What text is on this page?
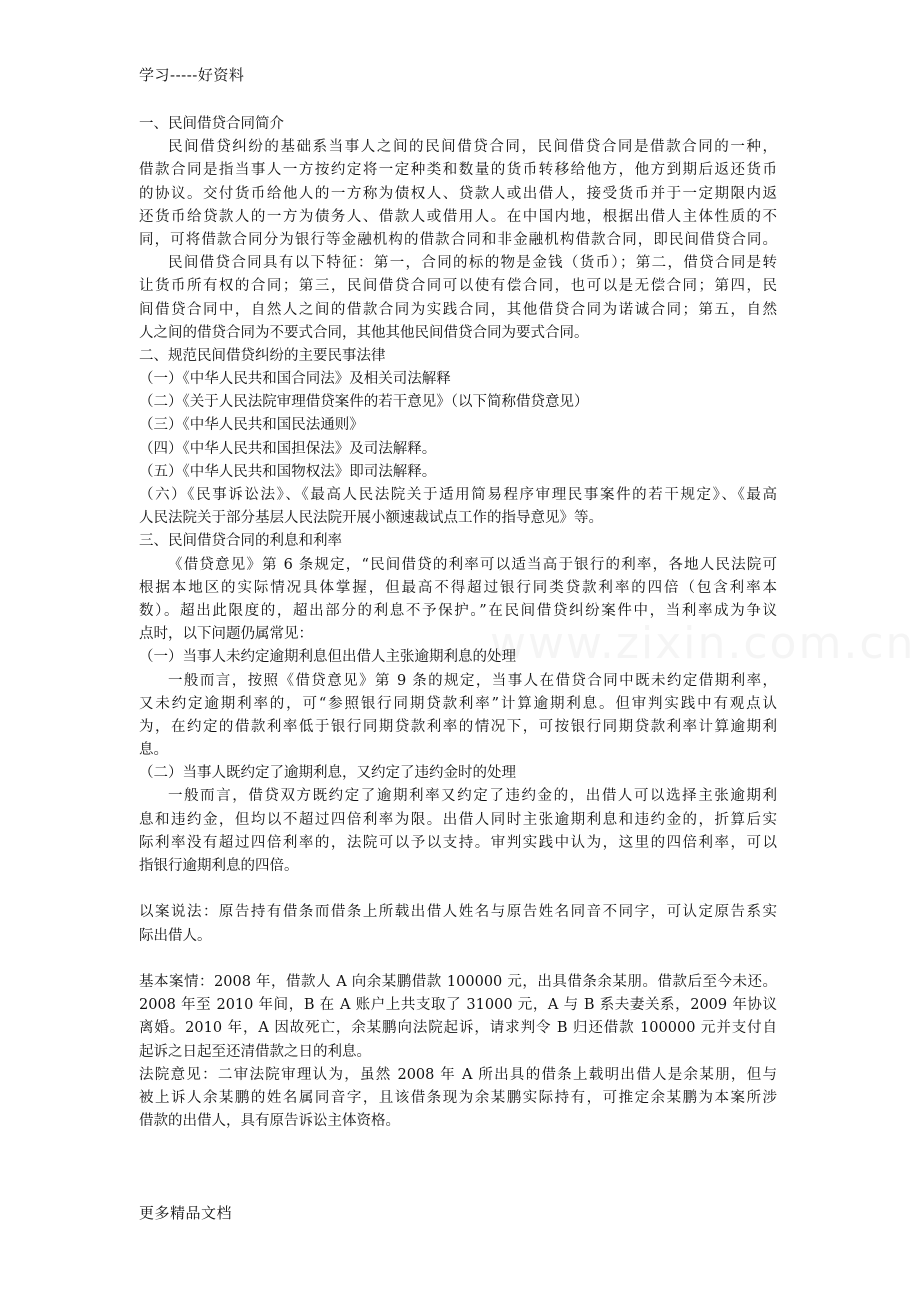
学习-----好资料
www.zixin.com.cn
一、民间借贷合同简介
民间借贷纠纷的基础系当事人之间的民间借贷合同，民间借贷合同是借款合同的一种，
借款合同是指当事人一方按约定将一定种类和数量的货币转移给他方，他方到期后返还货币
的协议。交付货币给他人的一方称为债权人、贷款人或出借人，接受货币并于一定期限内返
还货币给贷款人的一方为债务人、借款人或借用人。在中国内地，根据出借人主体性质的不
同，可将借款合同分为银行等金融机构的借款合同和非金融机构借款合同，即民间借贷合同。
民间借贷合同具有以下特征：第一，合同的标的物是金钱（货币）；第二，借贷合同是转
让货币所有权的合同；第三，民间借贷合同可以使有偿合同，也可以是无偿合同；第四，民
间借贷合同中，自然人之间的借款合同为实践合同，其他借贷合同为诺诚合同；第五，自然
人之间的借贷合同为不要式合同，其他其他民间借贷合同为要式合同。
二、规范民间借贷纠纷的主要民事法律
（一）《中华人民共和国合同法》及相关司法解释
（二）《关于人民法院审理借贷案件的若干意见》（以下简称借贷意见）
（三）《中华人民共和国民法通则》
（四）《中华人民共和国担保法》及司法解释。
（五）《中华人民共和国物权法》即司法解释。
（六）《民事诉讼法》、《最高人民法院关于适用简易程序审理民事案件的若干规定》、《最高
人民法院关于部分基层人民法院开展小额速裁试点工作的指导意见》等。
三、民间借贷合同的利息和利率
《借贷意见》第 6 条规定，“民间借贷的利率可以适当高于银行的利率，各地人民法院可
根据本地区的实际情况具体掌握，但最高不得超过银行同类贷款利率的四倍（包含利率本
数）。超出此限度的，超出部分的利息不予保护。”在民间借贷纠纷案件中，当利率成为争议
点时，以下问题仍属常见：
（一）当事人未约定逾期利息但出借人主张逾期利息的处理
一般而言，按照《借贷意见》第 9 条的规定，当事人在借贷合同中既未约定借期利率，
又未约定逾期利率的，可“参照银行同期贷款利率”计算逾期利息。但审判实践中有观点认
为，在约定的借款利率低于银行同期贷款利率的情况下，可按银行同期贷款利率计算逾期利
息。
（二）当事人既约定了逾期利息，又约定了违约金时的处理
一般而言，借贷双方既约定了逾期利率又约定了违约金的，出借人可以选择主张逾期利
息和违约金，但均以不超过四倍利率为限。出借人同时主张逾期利息和违约金的，折算后实
际利率没有超过四倍利率的，法院可以予以支持。审判实践中认为，这里的四倍利率，可以
指银行逾期利息的四倍。
以案说法：原告持有借条而借条上所载出借人姓名与原告姓名同音不同字，可认定原告系实
际出借人。
基本案情：2008 年，借款人 A 向余某鹏借款 100000 元，出具借条余某朋。借款后至今未还。
2008 年至 2010 年间，B 在 A 账户上共支取了 31000 元，A 与 B 系夫妻关系，2009 年协议
离婚。2010 年，A 因故死亡，余某鹏向法院起诉，请求判令 B 归还借款 100000 元并支付自
起诉之日起至还清借款之日的利息。
法院意见：二审法院审理认为，虽然 2008 年 A 所出具的借条上载明出借人是余某朋，但与
被上诉人余某鹏的姓名属同音字，且该借条现为余某鹏实际持有，可推定余某鹏为本案所涉
借款的出借人，具有原告诉讼主体资格。
更多精品文档
